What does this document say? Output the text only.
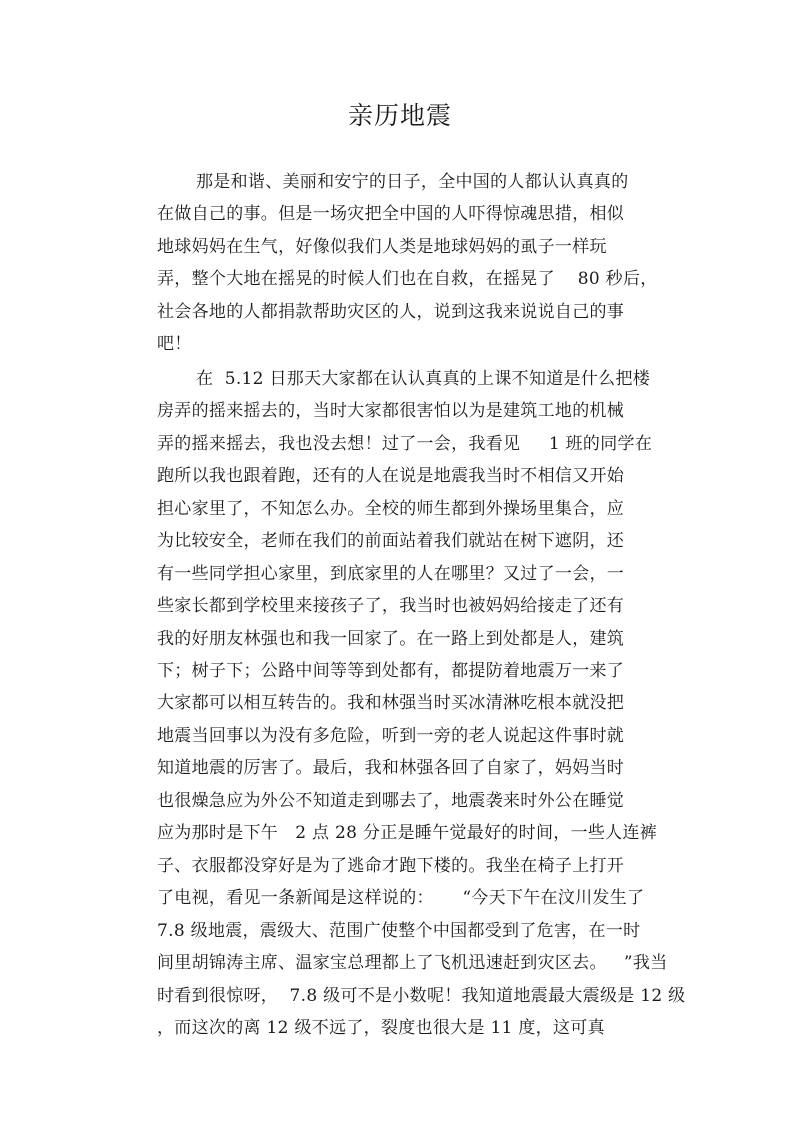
亲历地震
那是和谐、美丽和安宁的日子，全中国的人都认认真真的
在做自己的事。但是一场灾把全中国的人吓得惊魂思措，相似
地球妈妈在生气，好像似我们人类是地球妈妈的虱子一样玩
弄，整个大地在摇晃的时候人们也在自救，在摇晃了    80 秒后，
社会各地的人都捐款帮助灾区的人，说到这我来说说自己的事
吧！
在  5.12 日那天大家都在认认真真的上课不知道是什么把楼
房弄的摇来摇去的，当时大家都很害怕以为是建筑工地的机械
弄的摇来摇去，我也没去想！过了一会，我看见     1 班的同学在
跑所以我也跟着跑，还有的人在说是地震我当时不相信又开始
担心家里了，不知怎么办。全校的师生都到外操场里集合，应
为比较安全，老师在我们的前面站着我们就站在树下遮阴，还
有一些同学担心家里，到底家里的人在哪里？又过了一会，一
些家长都到学校里来接孩子了，我当时也被妈妈给接走了还有
我的好朋友林强也和我一回家了。在一路上到处都是人，建筑
下；树子下；公路中间等等到处都有，都提防着地震万一来了
大家都可以相互转告的。我和林强当时买冰清淋吃根本就没把
地震当回事以为没有多危险，听到一旁的老人说起这件事时就
知道地震的厉害了。最后，我和林强各回了自家了，妈妈当时
也很燥急应为外公不知道走到哪去了，地震袭来时外公在睡觉
应为那时是下午   2 点 28 分正是睡午觉最好的时间，一些人连裤
子、衣服都没穿好是为了逃命才跑下楼的。我坐在椅子上打开
了电视，看见一条新闻是这样说的：     “今天下午在汶川发生了
7.8 级地震，震级大、范围广使整个中国都受到了危害，在一时
间里胡锦涛主席、温家宝总理都上了飞机迅速赶到灾区去。   ”我当
时看到很惊呀，  7.8 级可不是小数呢！我知道地震最大震级是 12 级
，而这次的离 12 级不远了，裂度也很大是 11 度，这可真
